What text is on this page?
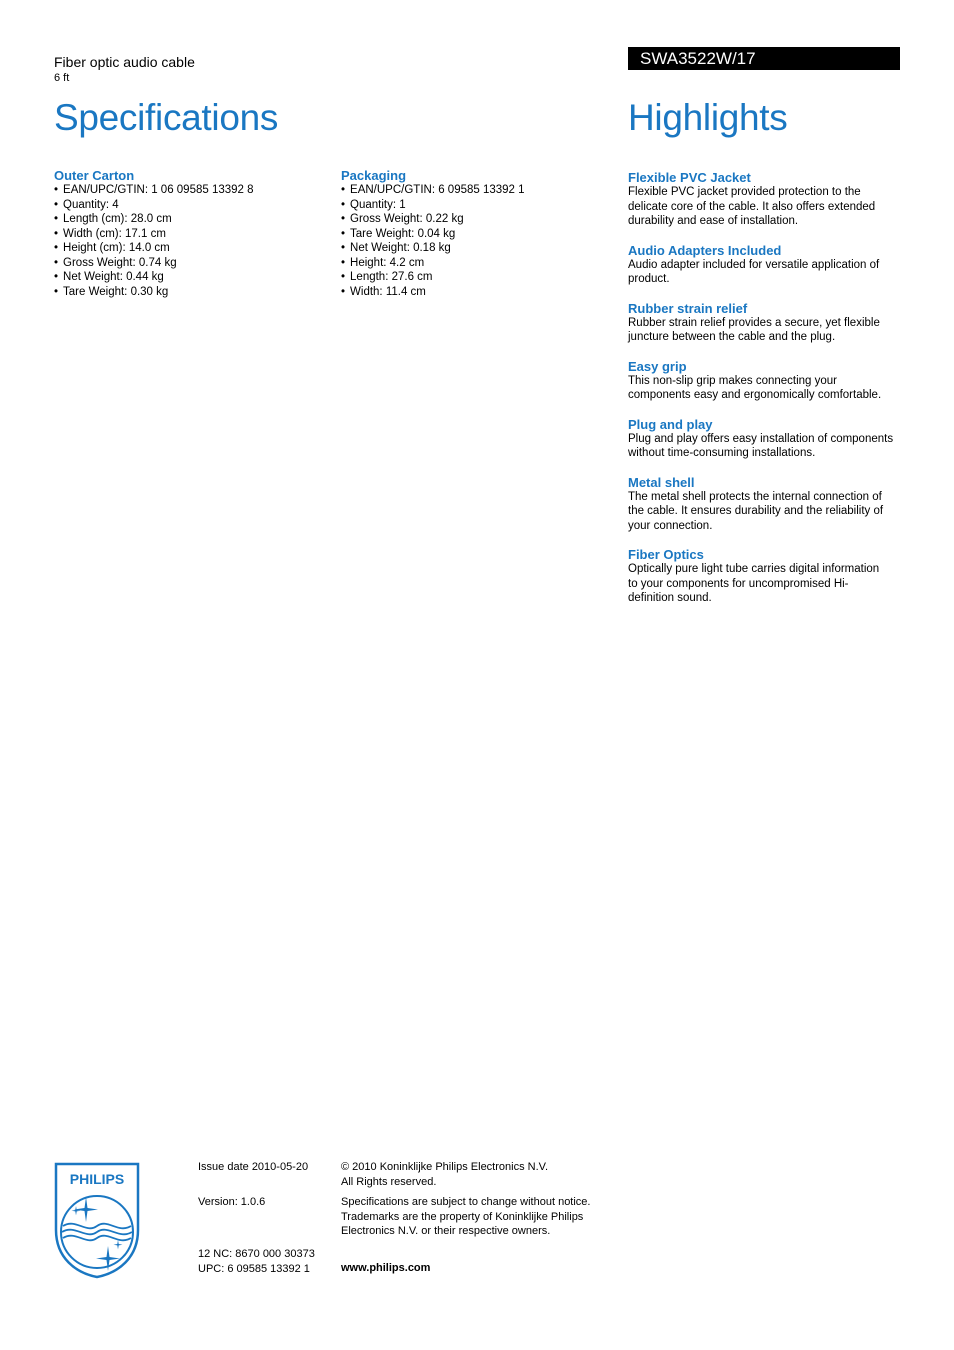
Fiber optic audio cable
6 ft
Specifications
SWA3522W/17
Highlights
Outer Carton
• EAN/UPC/GTIN: 1 06 09585 13392 8
• Quantity: 4
• Length (cm): 28.0 cm
• Width (cm): 17.1 cm
• Height (cm): 14.0 cm
• Gross Weight: 0.74 kg
• Net Weight: 0.44 kg
• Tare Weight: 0.30 kg
Packaging
• EAN/UPC/GTIN: 6 09585 13392 1
• Quantity: 1
• Gross Weight: 0.22 kg
• Tare Weight: 0.04 kg
• Net Weight: 0.18 kg
• Height: 4.2 cm
• Length: 27.6 cm
• Width: 11.4 cm
Flexible PVC Jacket

Flexible PVC jacket provided protection to the
delicate core of the cable. It also offers extended
durability and ease of installation.

Audio Adapters Included

Audio adapter included for versatile application of
product.

Rubber strain relief

Rubber strain relief provides a secure, yet flexible
juncture between the cable and the plug.

Easy grip

This non-slip grip makes connecting your
components easy and ergonomically comfortable.

Plug and play

Plug and play offers easy installation of components
without time-consuming installations.

Metal shell

The metal shell protects the internal connection of
the cable. It ensures durability and the reliability of
your connection.

Fiber Optics

Optically pure light tube carries digital information
to your components for uncompromised Hi-
definition sound.

PHILIPS
Issue date 2010-05-20
Version: 1.0.6
12 NC: 8670 000 30373
UPC: 6 09585 13392 1
© 2010 Koninklijke Philips Electronics N.V.
All Rights reserved.
Specifications are subject to change without notice.
Trademarks are the property of Koninklijke Philips
Electronics N.V. or their respective owners.
www.philips.com
